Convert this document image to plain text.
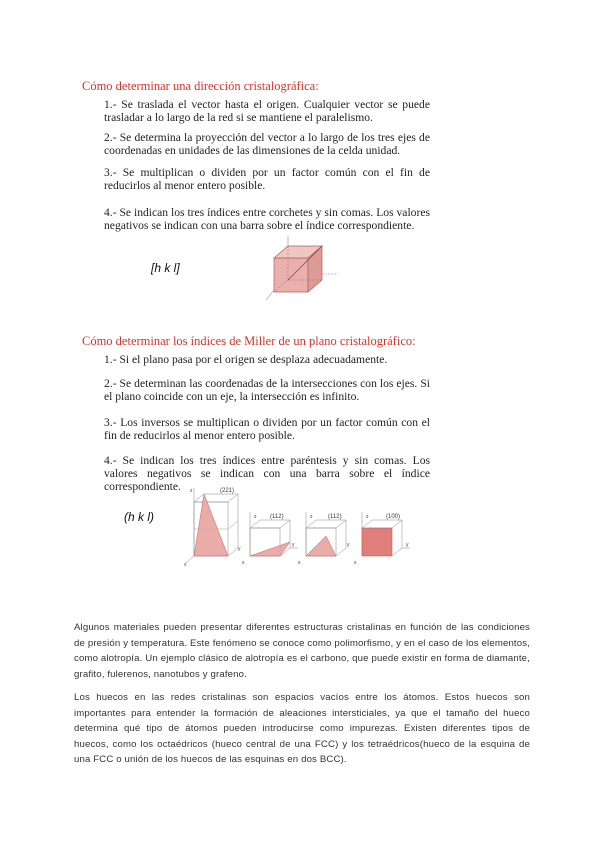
Cómo determinar una dirección cristalográfica:
1.- Se traslada el vector hasta el origen. Cualquier vector se puede trasladar a lo largo de la red si se mantiene el paralelismo.
2.- Se determina la proyección del vector a lo largo de los tres ejes de coordenadas en unidades de las dimensiones de la celda unidad.
3.- Se multiplican o dividen por un factor común con el fin de reducirlos al menor entero posible.
4.- Se indican los tres índices entre corchetes y sin comas. Los valores negativos se indican con una barra sobre el índice correspondiente.
[h k l]
Cómo determinar los índices de Miller de un plano cristalográfico:
1.- Si el plano pasa por el origen se desplaza adecuadamente.
2.- Se determinan las coordenadas de la intersecciones con los ejes. Si el plano coincide con un eje, la intersección es infinito.
3.- Los inversos se multiplican o dividen por un factor común con el fin de reducirlos al menor entero posible.
4.- Se indican los tres índices entre paréntesis y sin comas. Los valores negativos se indican con una barra sobre el índice correspondiente.
(h k l)
z
x
y
(221)
z
y
x
(112)	z
x
y
(112)	z
y
x
(100)

Algunos materiales pueden presentar diferentes estructuras cristalinas en función de las condiciones de presión y temperatura. Este fenómeno se conoce como polimorfismo, y en el caso de los elementos, como alotropía. Un ejemplo clásico de alotropía es el carbono, que puede existir en forma de diamante, grafito, fulerenos, nanotubos y grafeno.

Los huecos en las redes cristalinas son espacios vacíos entre los átomos. Estos huecos son importantes para entender la formación de aleaciones intersticiales, ya que el tamaño del hueco determina qué tipo de átomos pueden introducirse como impurezas. Existen diferentes tipos de huecos, como los octaédricos (hueco central de una FCC) y los tetraédricos(hueco de la esquina de una FCC o unión de los huecos de las esquinas en dos BCC).
